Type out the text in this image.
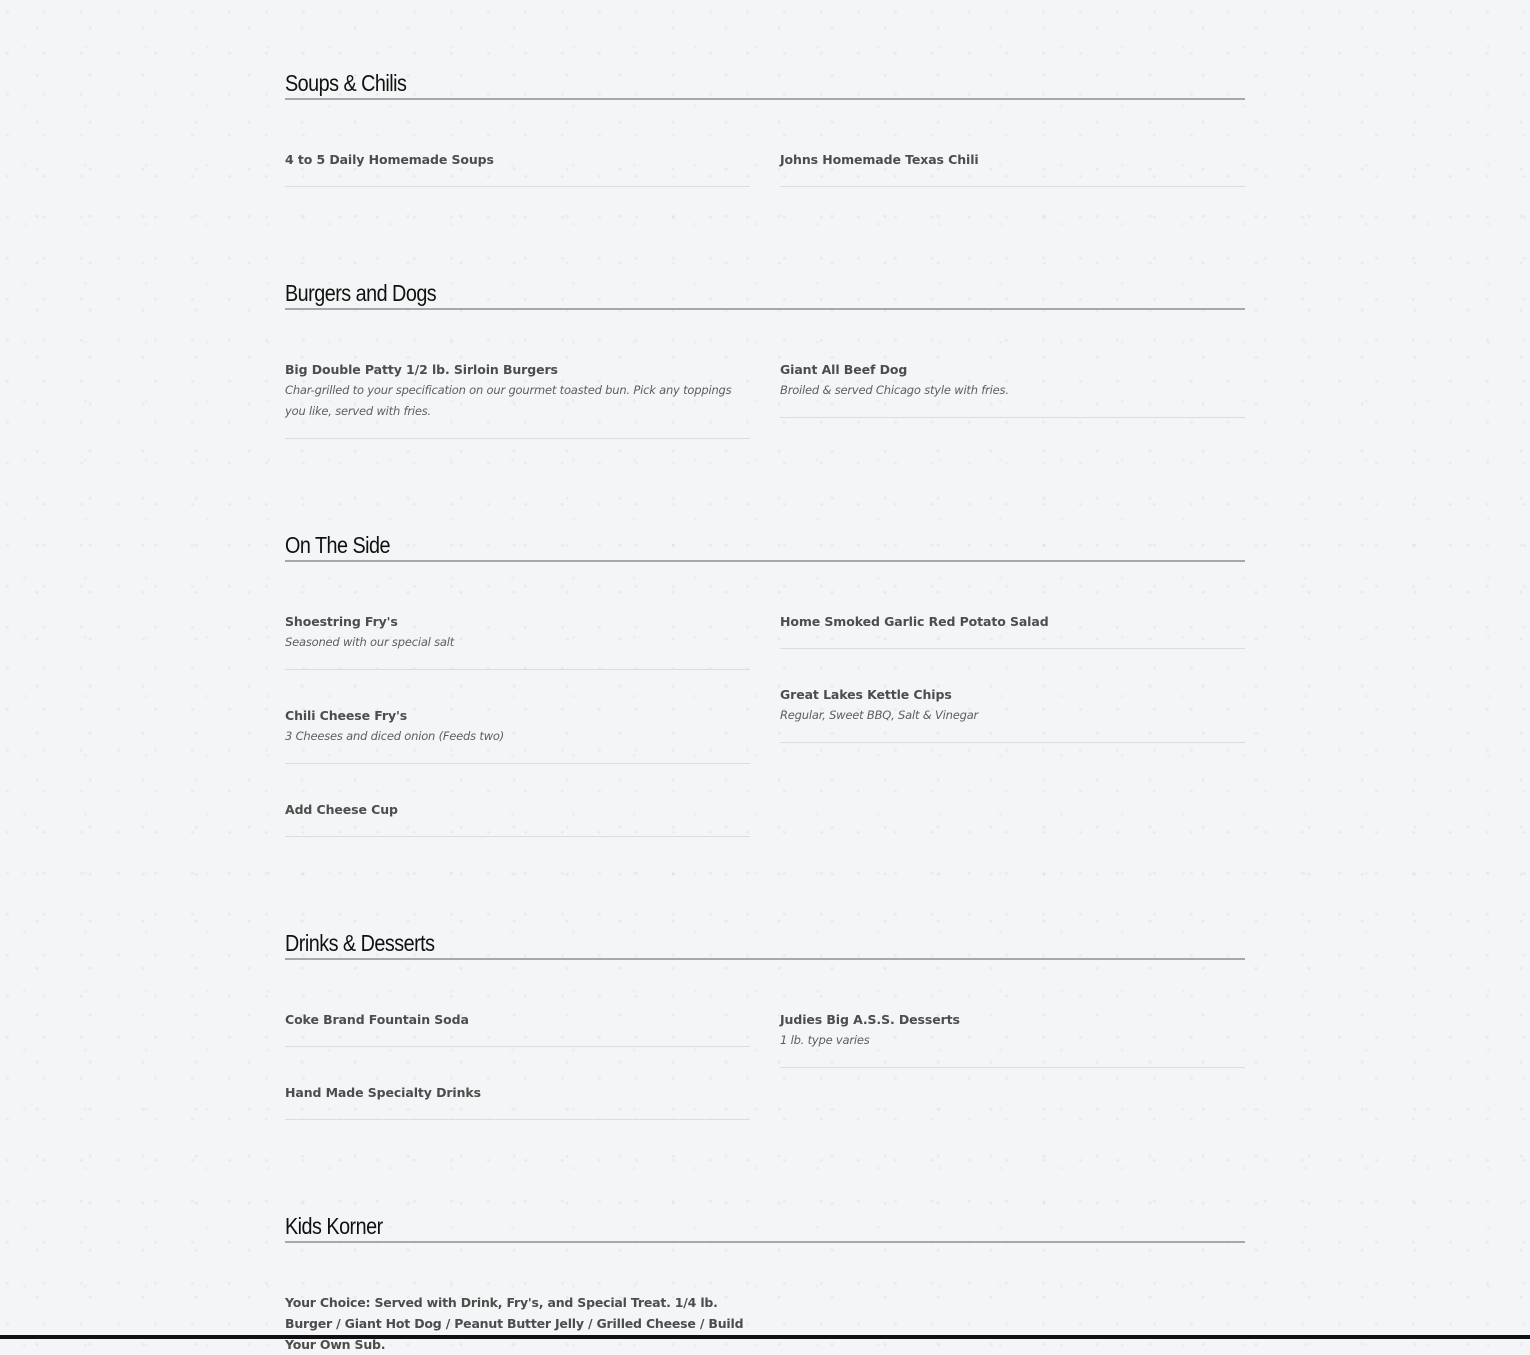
Soups & Chilis
4 to 5 Daily Homemade Soups	Johns Homemade Texas Chili
Burgers and Dogs
Big Double Patty 1/2 lb. Sirloin Burgers
Char-grilled to your specification on our gourmet toasted bun. Pick any toppings you like, served with fries.
Giant All Beef Dog
Broiled & served Chicago style with fries.
On The Side
Shoestring Fry's
Seasoned with our special salt
Chili Cheese Fry's
3 Cheeses and diced onion (Feeds two)
Add Cheese Cup
Home Smoked Garlic Red Potato Salad
Great Lakes Kettle Chips
Regular, Sweet BBQ, Salt & Vinegar
Drinks & Desserts
Coke Brand Fountain Soda
Hand Made Specialty Drinks
Judies Big A.S.S. Desserts
1 lb. type varies
Kids Korner
Your Choice: Served with Drink, Fry's, and Special Treat. 1/4 lb. Burger / Giant Hot Dog / Peanut Butter Jelly / Grilled Cheese / Build Your Own Sub.
